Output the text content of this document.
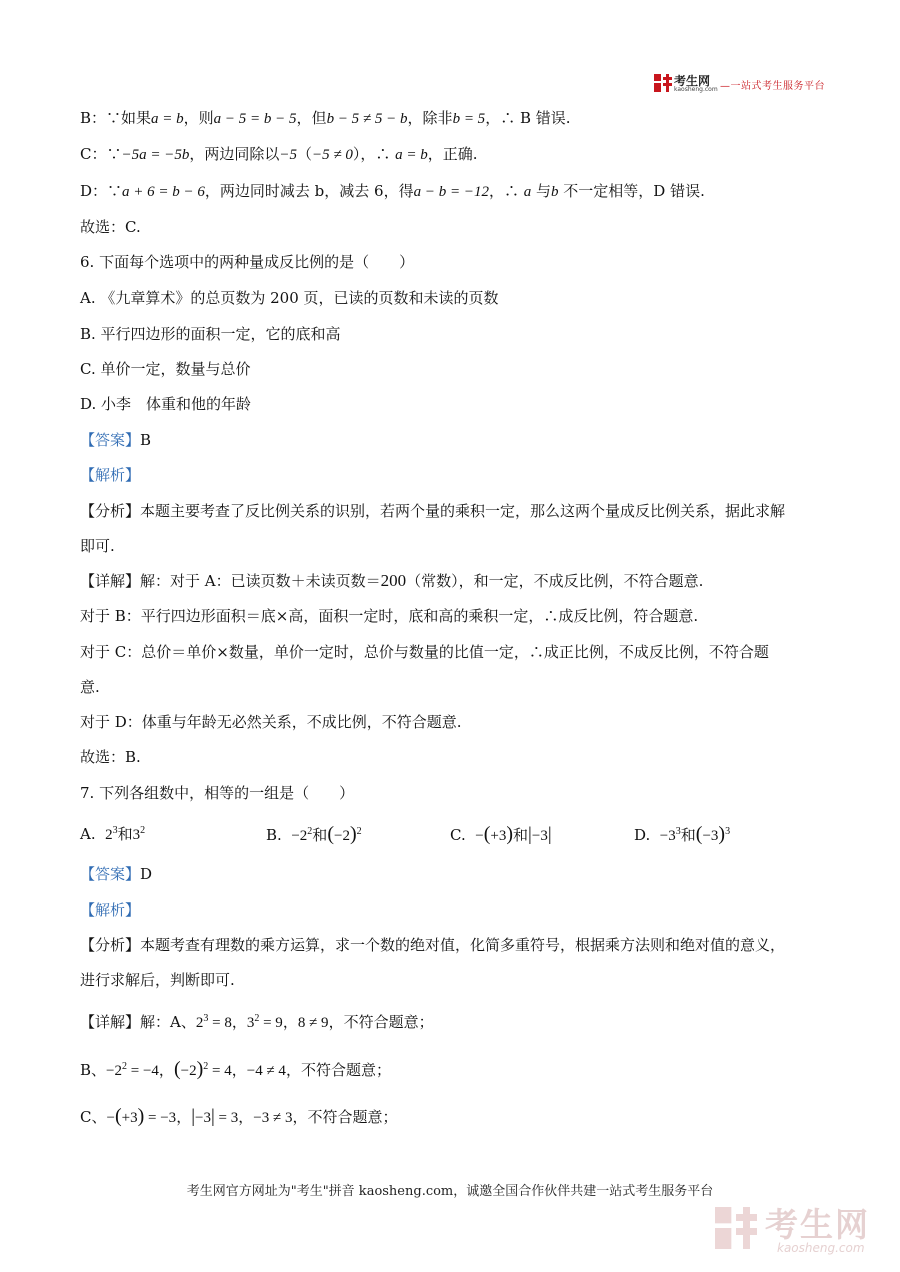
考生网
kaosheng.com —一站式考生服务平台
B：∵如果a = b，则a − 5 = b − 5，但b − 5 ≠ 5 − b，除非b = 5，∴ B 错误.
C：∵−5a = −5b，两边同除以−5（−5 ≠ 0），∴ a = b，正确.
D：∵a + 6 = b − 6，两边同时减去 b，减去 6，得a − b = −12，∴ a 与b 不一定相等，D 错误.
故选：C.
6. 下面每个选项中的两种量成反比例的是（　　）
A. 《九章算术》的总页数为 200 页，已读的页数和未读的页数
B. 平行四边形的面积一定，它的底和高
C. 单价一定，数量与总价
D. 小李　体重和他的年龄
【答案】B
【解析】
【分析】本题主要考查了反比例关系的识别，若两个量的乘积一定，那么这两个量成反比例关系，据此求解
即可.
【详解】解：对于 A：已读页数＋未读页数＝200（常数），和一定，不成反比例，不符合题意.
对于 B：平行四边形面积＝底×高，面积一定时，底和高的乘积一定，∴成反比例，符合题意.
对于 C：总价＝单价×数量，单价一定时，总价与数量的比值一定，∴成正比例，不成反比例，不符合题
意.
对于 D：体重与年龄无必然关系，不成比例，不符合题意.
故选：B.
7. 下列各组数中，相等的一组是（　　）
A.  $2^3$和$3^2$	B.  $-2^2$和$(-2)^2$	C.  −(+3)和|−3|	D.  $-3^3$和$(-3)^3$
【答案】D
【解析】
【分析】本题考查有理数的乘方运算，求一个数的绝对值，化简多重符号，根据乘方法则和绝对值的意义，
进行求解后，判断即可.
【详解】解：A、$2^3 = 8$，$3^2 = 9$，8 ≠ 9，不符合题意；
B、$-2^2 = -4$，$(-2)^2 = 4$，−4 ≠ 4，不符合题意；
C、−(+3) = −3，|−3| = 3，−3 ≠ 3，不符合题意；
考生网官方网址为"考生"拼音 kaosheng.com，诚邀全国合作伙伴共建一站式考生服务平台
考生网
kaosheng.com
